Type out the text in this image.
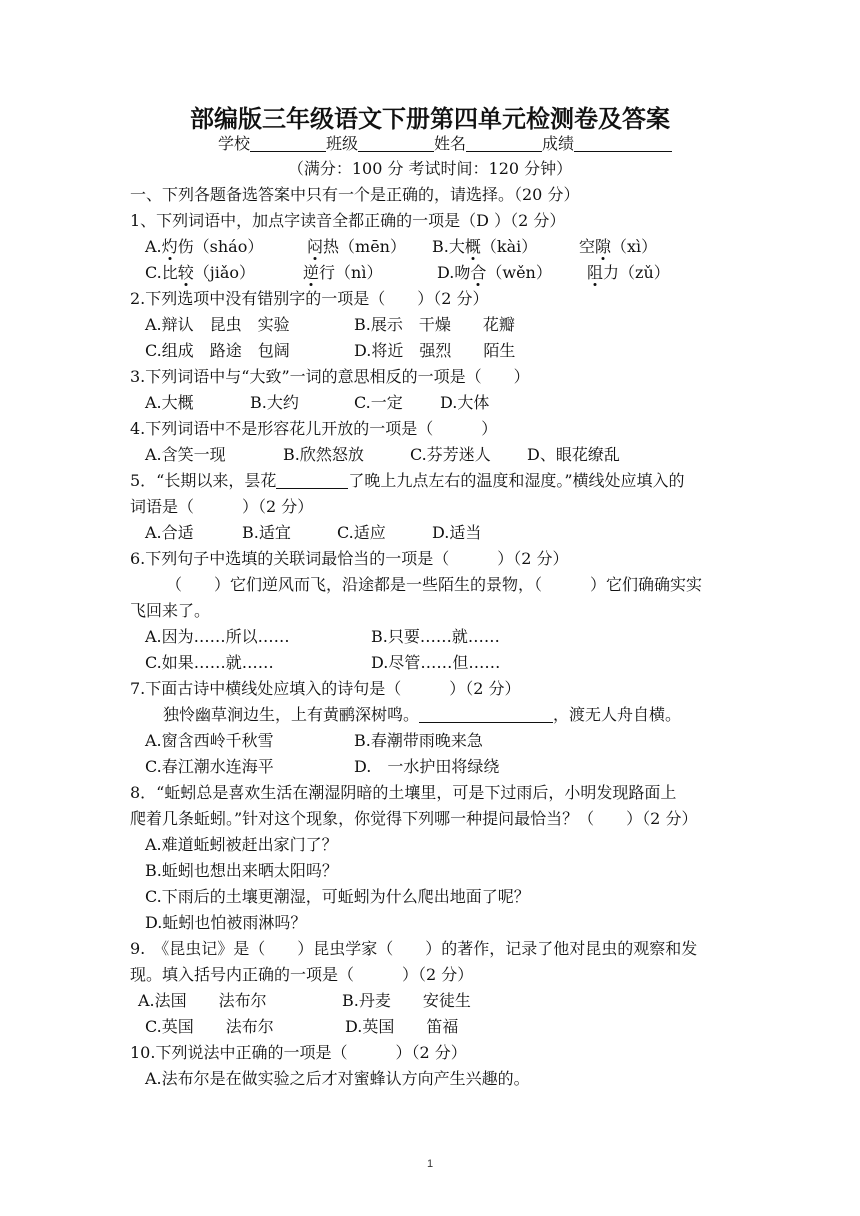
部编版三年级语文下册第四单元检测卷及答案
学校	班级	姓名	成绩
（满分：100 分 考试时间：120 分钟）
一、下列各题备选答案中只有一个是正确的，请选择。（20 分）
1、下列词语中，加点字读音全都正确的一项是（D ）（2 分）
A.灼伤（sháo）	闷热（mēn） B.大概（kài）	空隙（xì）
C.比较（jiǎo）	逆行（nì）	D.吻合（wěn） 阻力（zǔ）
2.下列选项中没有错别字的一项是（　　）（2 分）
A.辩认　昆虫　实验	B.展示　干燥　　花瓣
C.组成　路途　包阔	D.将近　强烈　　陌生
3.下列词语中与“大致”一词的意思相反的一项是（　　）
A.大概	B.大约	C.一定 D.大体
4.下列词语中不是形容花儿开放的一项是（　　　）
A.含笑一现	B.欣然怒放	C.芬芳迷人 D、眼花缭乱
5．“长期以来，昙花	了晚上九点左右的温度和湿度。”横线处应填入的
词语是（　　　）（2 分）
A.合适	B.适宜	C.适应	D.适当
6.下列句子中选填的关联词最恰当的一项是（　　　）（2 分）
（　　）它们逆风而飞，沿途都是一些陌生的景物，（　　　）它们确确实实
飞回来了。
A.因为……所以……	B.只要……就……
C.如果……就……	D.尽管……但……
7.下面古诗中横线处应填入的诗句是（　　　）（2 分）
独怜幽草涧边生，上有黄鹂深树鸣。	，渡无人舟自横。
A.窗含西岭千秋雪	B.春潮带雨晚来急
C.春江潮水连海平	D.　一水护田将绿绕
8．“蚯蚓总是喜欢生活在潮湿阴暗的土壤里，可是下过雨后，小明发现路面上
爬着几条蚯蚓。”针对这个现象，你觉得下列哪一种提问最恰当？（　　）（2 分）
A.难道蚯蚓被赶出家门了？
B.蚯蚓也想出来晒太阳吗？
C.下雨后的土壤更潮湿，可蚯蚓为什么爬出地面了呢？
D.蚯蚓也怕被雨淋吗？
9.　《昆虫记》是（　　）昆虫学家（　　）的著作，记录了他对昆虫的观察和发
现。填入括号内正确的一项是（　　　）（2 分）
A.法国　　法布尔	B.丹麦　　安徒生
C.英国　　法布尔	D.英国　　笛福
10.下列说法中正确的一项是（　　　）（2 分）
A.法布尔是在做实验之后才对蜜蜂认方向产生兴趣的。
1
